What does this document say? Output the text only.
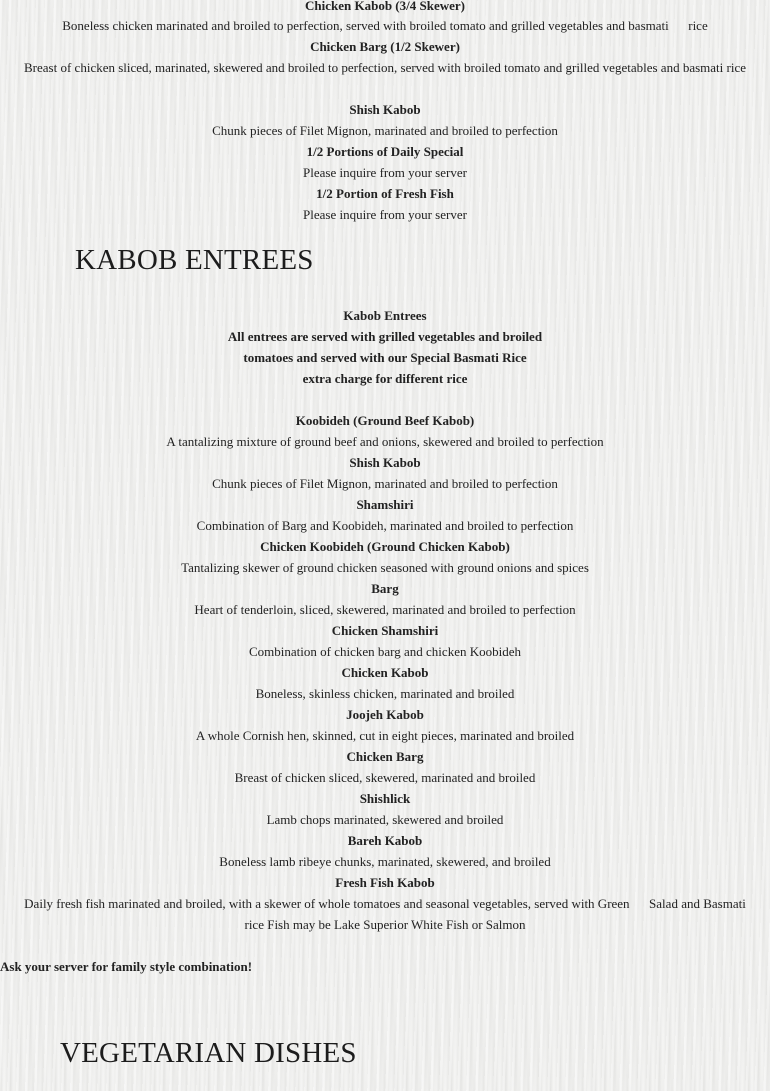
Chicken Kabob (3/4 Skewer)
Boneless chicken marinated and broiled to perfection, served with broiled tomato and grilled vegetables and basmati      rice
Chicken Barg (1/2 Skewer)
Breast of chicken sliced, marinated, skewered and broiled to perfection, served with broiled tomato and grilled vegetables and basmati rice
Shish Kabob
Chunk pieces of Filet Mignon, marinated and broiled to perfection
1/2 Portions of Daily Special
Please inquire from your server
1/2 Portion of Fresh Fish
Please inquire from your server
KABOB ENTREES
Kabob Entrees
All entrees are served with grilled vegetables and broiled
tomatoes and served with our Special Basmati Rice
extra charge for different rice
Koobideh (Ground Beef Kabob)
A tantalizing mixture of ground beef and onions, skewered and broiled to perfection
Shish Kabob
Chunk pieces of Filet Mignon, marinated and broiled to perfection
Shamshiri
Combination of Barg and Koobideh, marinated and broiled to perfection
Chicken Koobideh (Ground Chicken Kabob)
Tantalizing skewer of ground chicken seasoned with ground onions and spices
Barg
Heart of tenderloin, sliced, skewered, marinated and broiled to perfection
Chicken Shamshiri
Combination of chicken barg and chicken Koobideh
Chicken Kabob
Boneless, skinless chicken, marinated and broiled
Joojeh Kabob
A whole Cornish hen, skinned, cut in eight pieces, marinated and broiled
Chicken Barg
Breast of chicken sliced, skewered, marinated and broiled
Shishlick
Lamb chops marinated, skewered and broiled
Bareh Kabob
Boneless lamb ribeye chunks, marinated, skewered, and broiled
Fresh Fish Kabob
Daily fresh fish marinated and broiled, with a skewer of whole tomatoes and seasonal vegetables, served with Green      Salad and Basmati rice Fish may be Lake Superior White Fish or Salmon
Ask your server for family style combination!
VEGETARIAN DISHES
